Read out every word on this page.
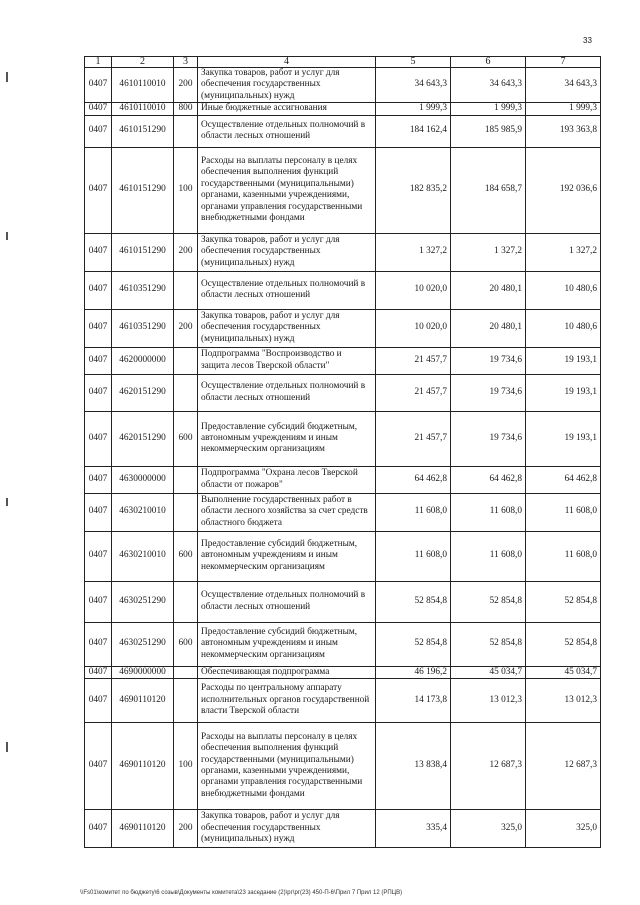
33
1	2	3	4	5	6	7
0407	4610110010	200	Закупка товаров, работ и услуг для обеспечения государственных (муниципальных) нужд	34 643,3	34 643,3	34 643,3
0407	4610110010	800	Иные бюджетные ассигнования	1 999,3	1 999,3	1 999,3
0407	4610151290		Осуществление отдельных полномочий в области лесных отношений	184 162,4	185 985,9	193 363,8
0407	4610151290	100	Расходы на выплаты персоналу в целях обеспечения выполнения функций государственными (муниципальными) органами, казенными учреждениями, органами управления государственными внебюджетными фондами	182 835,2	184 658,7	192 036,6
0407	4610151290	200	Закупка товаров, работ и услуг для обеспечения государственных (муниципальных) нужд	1 327,2	1 327,2	1 327,2
0407	4610351290		Осуществление отдельных полномочий в области лесных отношений	10 020,0	20 480,1	10 480,6
0407	4610351290	200	Закупка товаров, работ и услуг для обеспечения государственных (муниципальных) нужд	10 020,0	20 480,1	10 480,6
0407	4620000000		Подпрограмма "Воспроизводство и защита лесов Тверской области"	21 457,7	19 734,6	19 193,1
0407	4620151290		Осуществление отдельных полномочий в области лесных отношений	21 457,7	19 734,6	19 193,1
0407	4620151290	600	Предоставление субсидий бюджетным, автономным учреждениям и иным некоммерческим организациям	21 457,7	19 734,6	19 193,1
0407	4630000000		Подпрограмма "Охрана лесов Тверской области от пожаров"	64 462,8	64 462,8	64 462,8
0407	4630210010		Выполнение государственных работ в области лесного хозяйства за счет средств областного бюджета	11 608,0	11 608,0	11 608,0
0407	4630210010	600	Предоставление субсидий бюджетным, автономным учреждениям и иным некоммерческим организациям	11 608,0	11 608,0	11 608,0
0407	4630251290		Осуществление отдельных полномочий в области лесных отношений	52 854,8	52 854,8	52 854,8
0407	4630251290	600	Предоставление субсидий бюджетным, автономным учреждениям и иным некоммерческим организациям	52 854,8	52 854,8	52 854,8
0407	4690000000		Обеспечивающая подпрограмма	46 196,2	45 034,7	45 034,7
0407	4690110120		Расходы по центральному аппарату исполнительных органов государственной власти Тверской области	14 173,8	13 012,3	13 012,3
0407	4690110120	100	Расходы на выплаты персоналу в целях обеспечения выполнения функций государственными (муниципальными) органами, казенными учреждениями, органами управления государственными внебюджетными фондами	13 838,4	12 687,3	12 687,3
0407	4690110120	200	Закупка товаров, работ и услуг для обеспечения государственных (муниципальных) нужд	335,4	325,0	325,0
\\Fs01\комитет по бюджету\6 созыв\Документы комитета\23 заседание (2)\рг\рг(23) 450-П-6\Прил 7 Прил 12 (РПЦВ)
